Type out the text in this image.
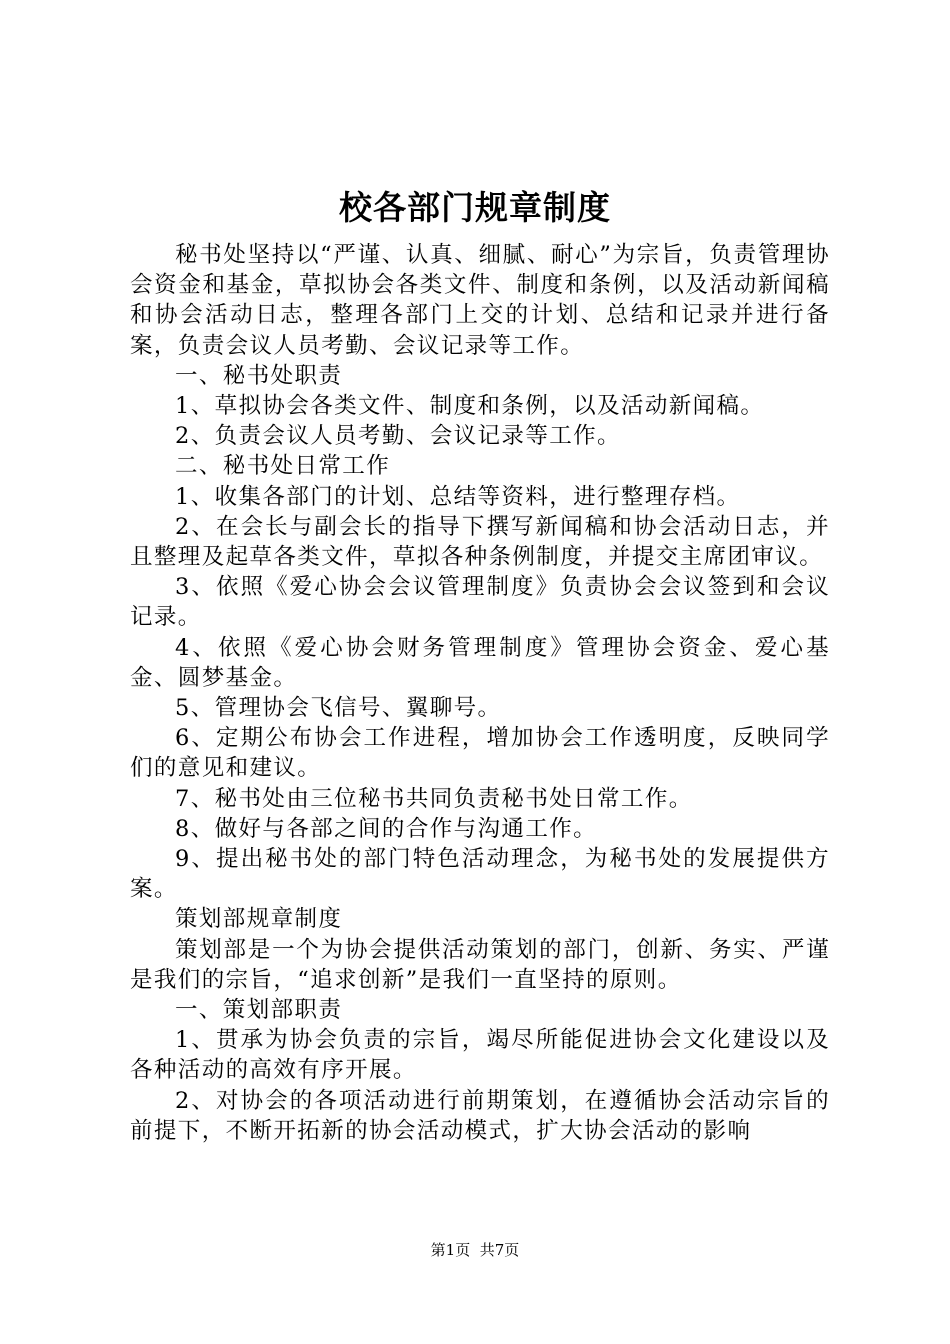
校各部门规章制度

秘书处坚持以“严谨、认真、细腻、耐心”为宗旨，负责管理协会资金和基金，草拟协会各类文件、制度和条例，以及活动新闻稿和协会活动日志，整理各部门上交的计划、总结和记录并进行备案，负责会议人员考勤、会议记录等工作。

一、秘书处职责

1、草拟协会各类文件、制度和条例，以及活动新闻稿。

2、负责会议人员考勤、会议记录等工作。

二、秘书处日常工作

1、收集各部门的计划、总结等资料，进行整理存档。

2、在会长与副会长的指导下撰写新闻稿和协会活动日志，并且整理及起草各类文件，草拟各种条例制度，并提交主席团审议。

3、依照《爱心协会会议管理制度》负责协会会议签到和会议记录。

4、依照《爱心协会财务管理制度》管理协会资金、爱心基金、圆梦基金。

5、管理协会飞信号、翼聊号。

6、定期公布协会工作进程，增加协会工作透明度，反映同学们的意见和建议。

7、秘书处由三位秘书共同负责秘书处日常工作。

8、做好与各部之间的合作与沟通工作。

9、提出秘书处的部门特色活动理念，为秘书处的发展提供方案。

策划部规章制度

策划部是一个为协会提供活动策划的部门，创新、务实、严谨是我们的宗旨，“追求创新”是我们一直坚持的原则。

一、策划部职责

1、贯承为协会负责的宗旨，竭尽所能促进协会文化建设以及各种活动的高效有序开展。

2、对协会的各项活动进行前期策划，在遵循协会活动宗旨的前提下，不断开拓新的协会活动模式，扩大协会活动的影响

第1页 共7页
